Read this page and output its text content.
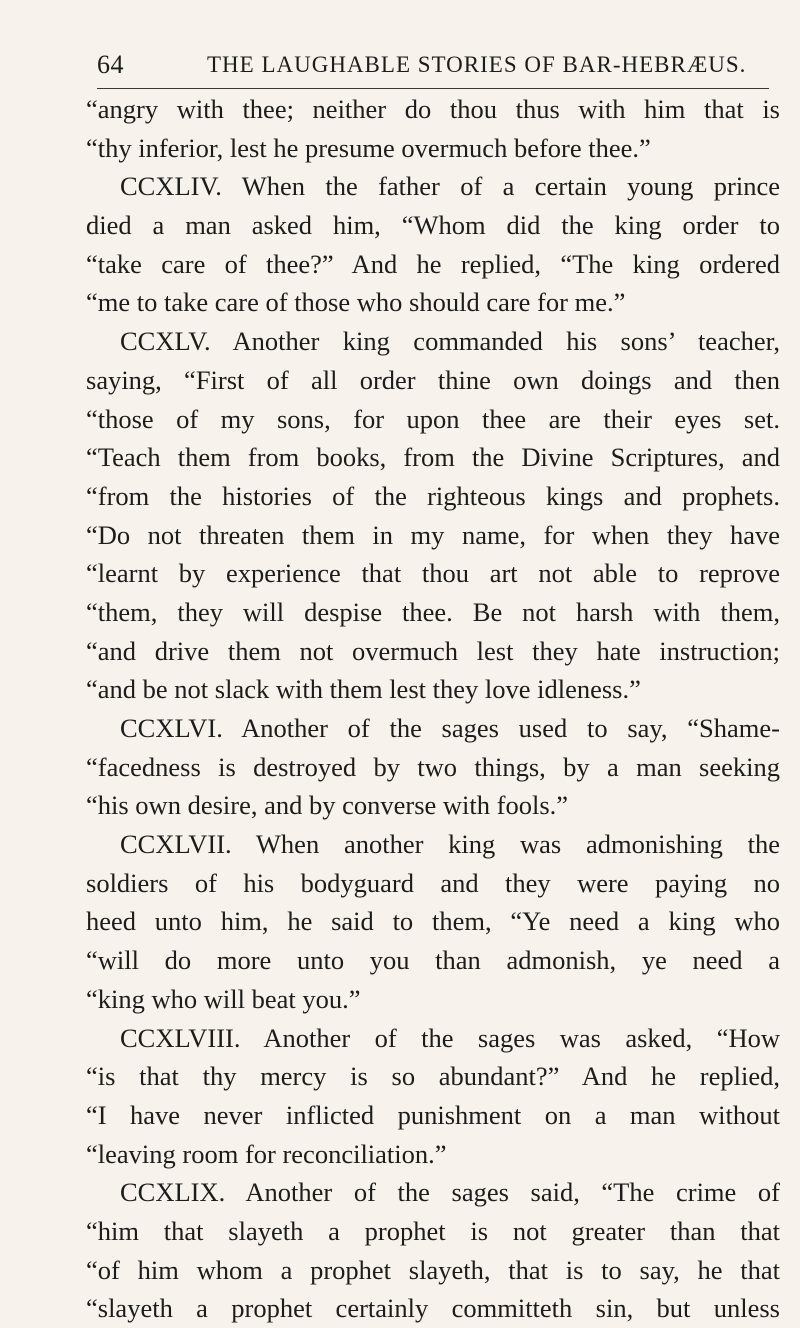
64	THE LAUGHABLE STORIES OF BAR-HEBRÆUS.
“angry with thee; neither do thou thus with him that is
“thy inferior, lest he presume overmuch before thee.”
CCXLIV. When the father of a certain young prince
died a man asked him, “Whom did the king order to
“take care of thee?” And he replied, “The king ordered
“me to take care of those who should care for me.”
CCXLV. Another king commanded his sons’ teacher,
saying, “First of all order thine own doings and then
“those of my sons, for upon thee are their eyes set.
“Teach them from books, from the Divine Scriptures, and
“from the histories of the righteous kings and prophets.
“Do not threaten them in my name, for when they have
“learnt by experience that thou art not able to reprove
“them, they will despise thee. Be not harsh with them,
“and drive them not overmuch lest they hate instruction;
“and be not slack with them lest they love idleness.”
CCXLVI. Another of the sages used to say, “Shame-
“facedness is destroyed by two things, by a man seeking
“his own desire, and by converse with fools.”
CCXLVII. When another king was admonishing the
soldiers of his bodyguard and they were paying no
heed unto him, he said to them, “Ye need a king who
“will do more unto you than admonish, ye need a
“king who will beat you.”
CCXLVIII. Another of the sages was asked, “How
“is that thy mercy is so abundant?” And he replied,
“I have never inflicted punishment on a man without
“leaving room for reconciliation.”
CCXLIX. Another of the sages said, “The crime of
“him that slayeth a prophet is not greater than that
“of him whom a prophet slayeth, that is to say, he that
“slayeth a prophet certainly committeth sin, but unless
